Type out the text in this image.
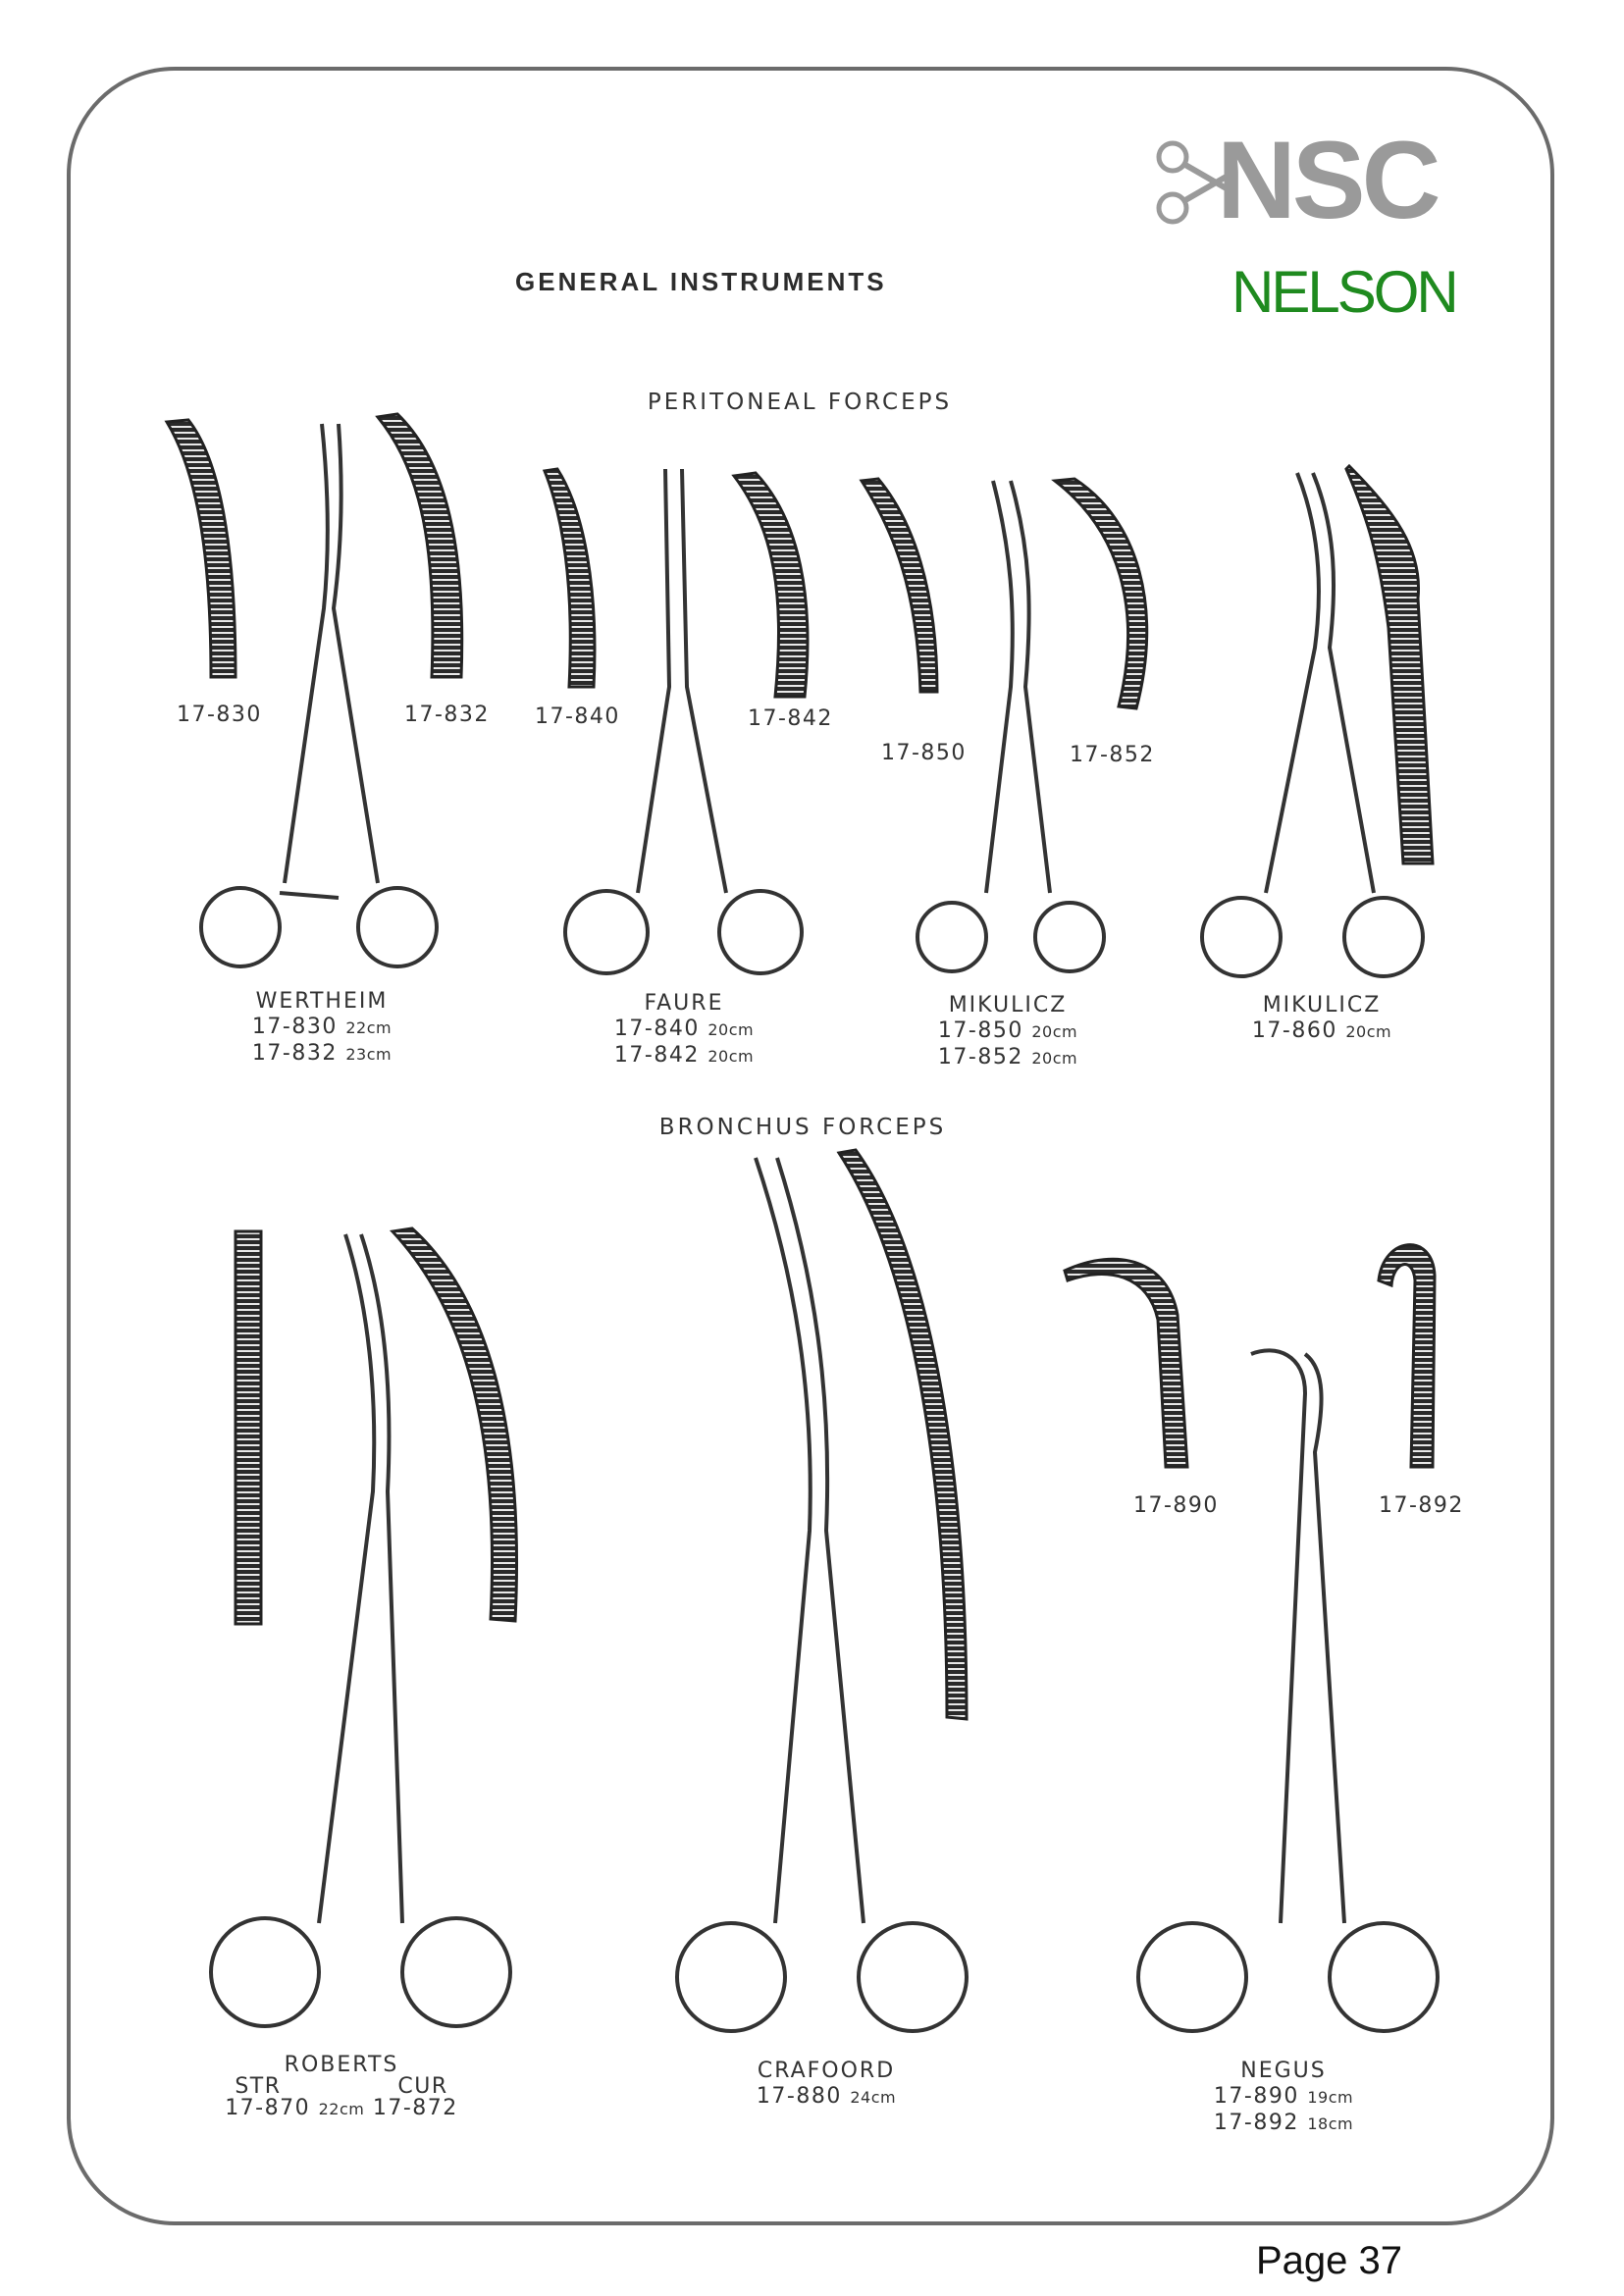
NSC
NELSON
GENERAL INSTRUMENTS
PERITONEAL FORCEPS
BRONCHUS FORCEPS
17-830	17-832 17-840	17-842
17-850	17-852
17-890	17-892
WERTHEIM
17-830 22cm
17-832 23cm
FAURE
17-840 20cm
17-842 20cm
MIKULICZ
17-850 20cm
17-852 20cm
MIKULICZ
17-860 20cm
ROBERTS
STR	CUR
17-870 22cm 17-872
CRAFOORD
17-880 24cm
NEGUS
17-890 19cm
17-892 18cm
Page 37
